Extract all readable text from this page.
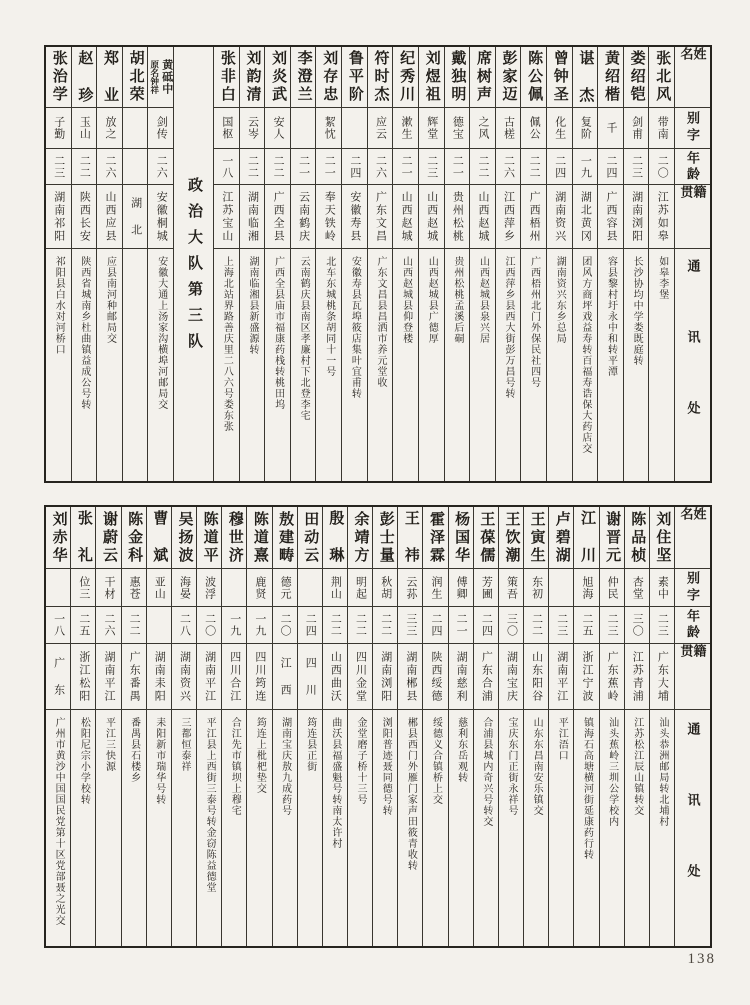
姓名
别字
年龄
籍贯
通讯处
张北风
带南
二〇
江苏如皋
如皋李堡
娄绍铠
剑甫
二三
湖南浏阳
长沙协均中学娄既庭转
黄绍楷
千
二四
广西容县
容县黎村圩永中和转平潭
谌 杰
复阶
一九
湖北黄冈
团风方商坪戏益寿转百福寿诰保大药店交
曾钟圣
化生
二四
湖南资兴
湖南资兴东乡总局
陈公佩
佩公
二二
广西梧州
广西梧州北门外保民社四号
彭家迈
古槎
二六
江西萍乡
江西萍乡县西大街彭万昌号转
席树声
之风
二二
山西赵城
山西赵城县泉兴居
戴独明
德宝
二一
贵州松桃
贵州松桃孟溪后硐
刘煜祖
辉堂
二三
山西赵城
山西赵城县广德厚
纪秀川
漱生
二一
山西赵城
山西赵城县仰登楼
符时杰
应云
二六
广东文昌
广东文昌县昌洒市养元堂收
鲁平阶
二四
安徽寿县
安徽寿县瓦埠筱店集叶宜甫转
刘存忠
絜忱
二一
奉天铁岭
北车东城桃条胡同十一号
李澄兰
二一
云南鹤庆
云南鹤庆县南区孝廉村下北登李宅
刘炎武
安人
二二
广西全县
广西全县庙市福康药栈转桃田坞
刘韵清
云岑
二二
湖南临湘
湖南临湘县新盛源转
张非白
国枢
一八
江苏宝山
上海北站界路善庆里二八六号娄东张
政治大队第三队
黄砥中
原名钟祥
剑传
二六
安徽桐城
安徽大通上汤家沟横埠河邮局交
胡北荣
湖 北
郑 业
放之
二六
山西应县
应县南河种邮局交
赵 珍
玉山
二二
陕西长安
陕西省城南乡杜曲镇益成公号转
张治学
子勤
二三
湖南祁阳
祁阳县白水对河桥口
姓名
别字
年龄
籍贯
通讯处
刘住坚
素中
二三
广东大埔
汕头恭洲邮局转北埔村
陈品桢
杏堂
三〇
江苏青浦
江苏松江辰山镇转交
谢晋元
仲民
二三
广东蕉岭
汕头蕉岭三圳公学校内
江 川
旭海
二五
浙江宁波
镇海石高塘横河街延康药行转
卢碧湖
二三
湖南平江
平江浯口
王寅生
东初
二二
山东阳谷
山东东昌南安乐镇交
王饮潮
策吾
三〇
湖南宝庆
宝庆东门正街永祥号
王葆儒
芳圃
二四
广东合浦
合浦县城内奇兴号转交
杨国华
傅卿
二一
湖南慈利
慈利东岳观转
霍泽霖
润生
二四
陕西绥德
绥德义合镇桥上交
王 祎
云荪
三三
湖南郴县
郴县西门外雁门家声田筱青收转
彭士量
秋胡
二二
湖南浏阳
浏阳普迹聂同德号转
余靖方
明起
二二
四川金堂
金堂磨子桥十三号
殷 琳
荆山
二二
山西曲沃
曲沃县福盛魁号转南太许村
田动云
二四
四 川
筠连县正街
敖建畴
德元
二〇
江 西
湖南宝庆敖九成药号
陈道熹
鹿贤
一九
四川筠连
筠连上枇杷垫交
穆世济
一九
四川合江
合江先市镇坝上穆宅
陈道平
波浮
二〇
湖南平江
平江县上西街三泰号转金窃陈益德堂
吴扬波
海晏
二八
湖南资兴
三都恒泰祥
曹 斌
亚山
湖南耒阳
耒阳新市瑞华号转
陈金科
惠苍
二二
广东番禺
番禺县石楼乡
谢蔚云
干材
二六
湖南平江
平江三快源
张 礼
位三
二五
浙江松阳
松阳尼宗小学校转
刘赤华
一八
广 东
广州市黄沙中国国民党第十区党部聂之光交
138
